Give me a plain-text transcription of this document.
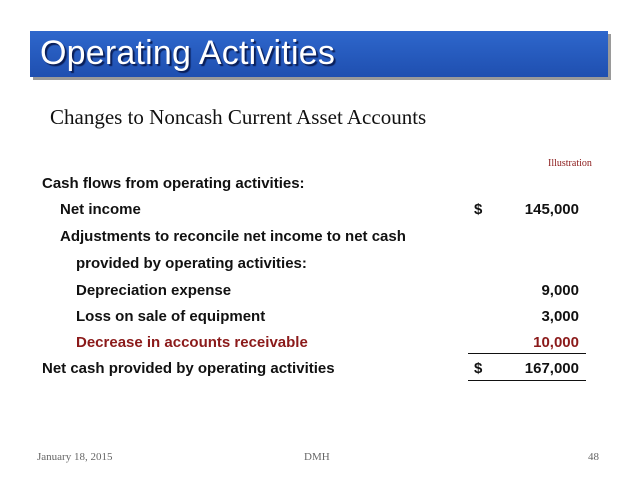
Operating Activities
Changes to Noncash Current Asset Accounts
Illustration
Cash flows from operating activities:
Net income	$	145,000
Adjustments to reconcile net income to net cash
provided by operating activities:
Depreciation expense	9,000
Loss on sale of equipment	3,000
Decrease in accounts receivable	10,000
Net cash provided by operating activities	$	167,000
January 18, 2015	DMH	48
